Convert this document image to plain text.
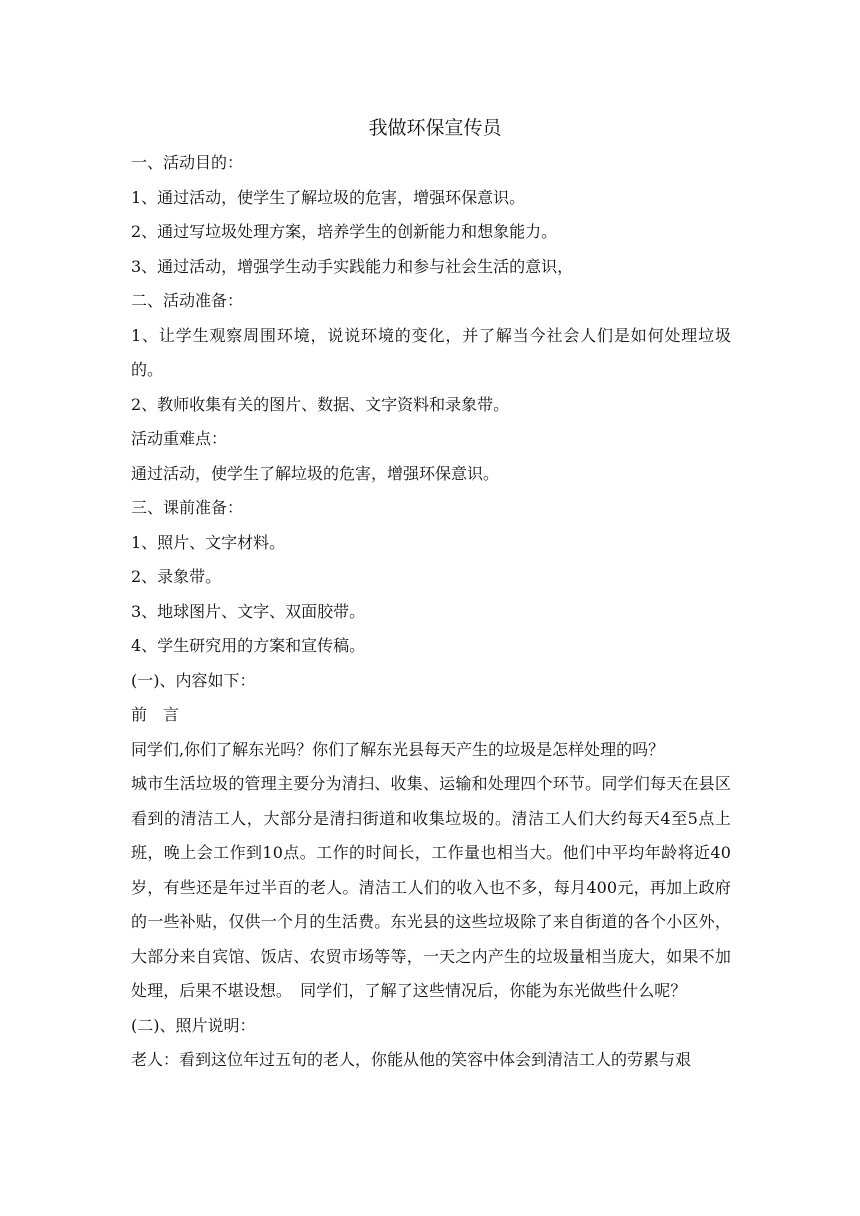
我做环保宣传员

一、活动目的：

1、通过活动，使学生了解垃圾的危害，增强环保意识。

2、通过写垃圾处理方案，培养学生的创新能力和想象能力。

3、通过活动，增强学生动手实践能力和参与社会生活的意识，

二、活动准备：

1、让学生观察周围环境，说说环境的变化，并了解当今社会人们是如何处理垃圾的。

2、教师收集有关的图片、数据、文字资料和录象带。

活动重难点：

通过活动，使学生了解垃圾的危害，增强环保意识。

三、课前准备：

1、照片、文字材料。

2、录象带。

3、地球图片、文字、双面胶带。

4、学生研究用的方案和宣传稿。

(一)、内容如下：

前　言

同学们,你们了解东光吗？你们了解东光县每天产生的垃圾是怎样处理的吗？

城市生活垃圾的管理主要分为清扫、收集、运输和处理四个环节。同学们每天在县区看到的清洁工人，大部分是清扫街道和收集垃圾的。清洁工人们大约每天4至5点上班，晚上会工作到10点。工作的时间长，工作量也相当大。他们中平均年龄将近40岁，有些还是年过半百的老人。清洁工人们的收入也不多，每月400元，再加上政府的一些补贴，仅供一个月的生活费。东光县的这些垃圾除了来自街道的各个小区外，大部分来自宾馆、饭店、农贸市场等等，一天之内产生的垃圾量相当庞大，如果不加处理，后果不堪设想。　同学们，了解了这些情况后，你能为东光做些什么呢？

(二)、照片说明：

老人：看到这位年过五旬的老人，你能从他的笑容中体会到清洁工人的劳累与艰
